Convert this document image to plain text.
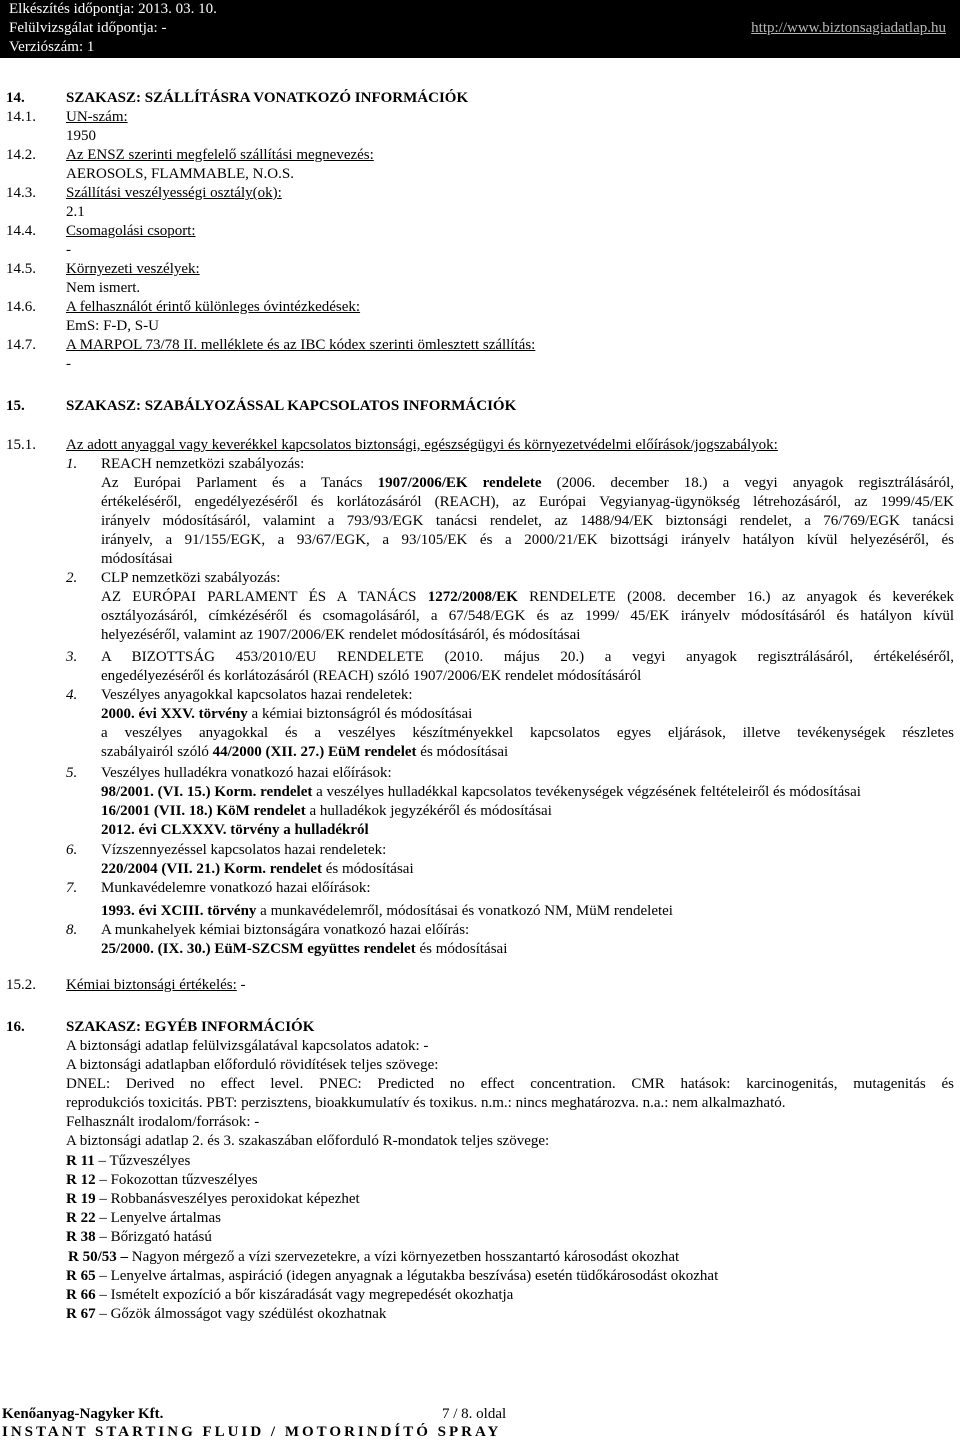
Elkészítés időpontja: 2013. 03. 10.
Felülvizsgálat időpontja: -
Verziószám: 1
http://www.biztonsagiadatlap.hu
14.	SZAKASZ: SZÁLLÍTÁSRA VONATKOZÓ INFORMÁCIÓK
14.1. UN-szám:
1950
14.2. Az ENSZ szerinti megfelelő szállítási megnevezés:
AEROSOLS, FLAMMABLE, N.O.S.
14.3. Szállítási veszélyességi osztály(ok):
2.1
14.4. Csomagolási csoport:
-
14.5. Környezeti veszélyek:
Nem ismert.
14.6. A felhasználót érintő különleges óvintézkedések:
EmS: F-D, S-U
14.7. A MARPOL 73/78 II. melléklete és az IBC kódex szerinti ömlesztett szállítás:
-
15.	SZAKASZ: SZABÁLYOZÁSSAL KAPCSOLATOS INFORMÁCIÓK
15.1. Az adott anyaggal vagy keverékkel kapcsolatos biztonsági, egészségügyi és környezetvédelmi előírások/jogszabályok:
1. REACH nemzetközi szabályozás:
Az Európai Parlament és a Tanács 1907/2006/EK rendelete (2006. december 18.) a vegyi anyagok regisztrálásáról,
értékeléséről, engedélyezéséről és korlátozásáról (REACH), az Európai Vegyianyag-ügynökség létrehozásáról, az 1999/45/EK
irányelv módosításáról, valamint a 793/93/EGK tanácsi rendelet, az 1488/94/EK biztonsági rendelet, a 76/769/EGK tanácsi
irányelv, a 91/155/EGK, a 93/67/EGK, a 93/105/EK és a 2000/21/EK bizottsági irányelv hatályon kívül helyezéséről, és
módosításai
2. CLP nemzetközi szabályozás:
AZ EURÓPAI PARLAMENT ÉS A TANÁCS 1272/2008/EK RENDELETE (2008. december 16.) az anyagok és keverékek
osztályozásáról, címkézéséről és csomagolásáról, a 67/548/EGK és az 1999/ 45/EK irányelv módosításáról és hatályon kívül
helyezéséről, valamint az 1907/2006/EK rendelet módosításáról, és módosításai
3. A BIZOTTSÁG 453/2010/EU RENDELETE (2010. május 20.) a vegyi anyagok regisztrálásáról, értékeléséről,
engedélyezéséről és korlátozásáról (REACH) szóló 1907/2006/EK rendelet módosításáról
4. Veszélyes anyagokkal kapcsolatos hazai rendeletek:
2000. évi XXV. törvény a kémiai biztonságról és módosításai
a veszélyes anyagokkal és a veszélyes készítményekkel kapcsolatos egyes eljárások, illetve tevékenységek részletes
szabályairól szóló 44/2000 (XII. 27.) EüM rendelet és módosításai
5. Veszélyes hulladékra vonatkozó hazai előírások:
98/2001. (VI. 15.) Korm. rendelet a veszélyes hulladékkal kapcsolatos tevékenységek végzésének feltételeiről és módosításai
16/2001 (VII. 18.) KöM rendelet a hulladékok jegyzékéről és módosításai
2012. évi CLXXXV. törvény a hulladékról
6. Vízszennyezéssel kapcsolatos hazai rendeletek:
220/2004 (VII. 21.) Korm. rendelet és módosításai
7. Munkavédelemre vonatkozó hazai előírások:
1993. évi XCIII. törvény a munkavédelemről, módosításai és vonatkozó NM, MüM rendeletei
8. A munkahelyek kémiai biztonságára vonatkozó hazai előírás:
25/2000. (IX. 30.) EüM-SZCSM együttes rendelet és módosításai
15.2. Kémiai biztonsági értékelés: -
16.	SZAKASZ: EGYÉB INFORMÁCIÓK
A biztonsági adatlap felülvizsgálatával kapcsolatos adatok: -
A biztonsági adatlapban előforduló rövidítések teljes szövege:
DNEL: Derived no effect level. PNEC: Predicted no effect concentration. CMR hatások: karcinogenitás, mutagenitás és
reprodukciós toxicitás. PBT: perzisztens, bioakkumulatív és toxikus. n.m.: nincs meghatározva. n.a.: nem alkalmazható.
Felhasznált irodalom/források: -
A biztonsági adatlap 2. és 3. szakaszában előforduló R-mondatok teljes szövege:
R 11 – Tűzveszélyes
R 12 – Fokozottan tűzveszélyes
R 19 – Robbanásveszélyes peroxidokat képezhet
R 22 – Lenyelve ártalmas
R 38 – Bőrizgató hatású
R 50/53 – Nagyon mérgező a vízi szervezetekre, a vízi környezetben hosszantartó károsodást okozhat
R 65 – Lenyelve ártalmas, aspiráció (idegen anyagnak a légutakba beszívása) esetén tüdőkárosodást okozhat
R 66 – Ismételt expozíció a bőr kiszáradását vagy megrepedését okozhatja
R 67 – Gőzök álmosságot vagy szédülést okozhatnak
Kenőanyag-Nagyker Kft.	7 / 8. oldal
INSTANT STARTING FLUID / MOTORINDÍTÓ SPRAY
